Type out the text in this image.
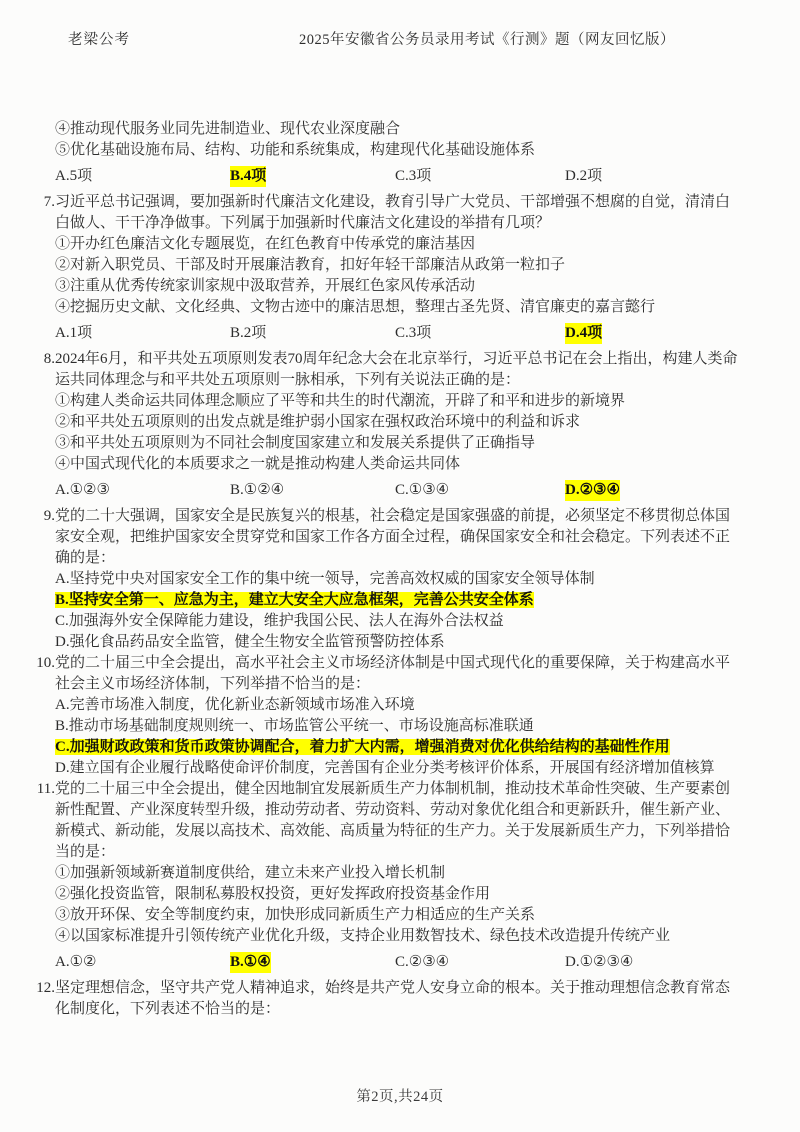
老梁公考	2025年安徽省公务员录用考试《行测》题（网友回忆版）

④推动现代服务业同先进制造业、现代农业深度融合

⑤优化基础设施布局、结构、功能和系统集成，构建现代化基础设施体系

A.5项	B.4项	C.3项	D.2项

7.习近平总书记强调，要加强新时代廉洁文化建设，教育引导广大党员、干部增强不想腐的自觉，清清白白做人、干干净净做事。下列属于加强新时代廉洁文化建设的举措有几项？

①开办红色廉洁文化专题展览，在红色教育中传承党的廉洁基因

②对新入职党员、干部及时开展廉洁教育，扣好年轻干部廉洁从政第一粒扣子

③注重从优秀传统家训家规中汲取营养，开展红色家风传承活动

④挖掘历史文献、文化经典、文物古迹中的廉洁思想，整理古圣先贤、清官廉吏的嘉言懿行

A.1项	B.2项	C.3项	D.4项

8.2024年6月，和平共处五项原则发表70周年纪念大会在北京举行，习近平总书记在会上指出，构建人类命运共同体理念与和平共处五项原则一脉相承，下列有关说法正确的是：

①构建人类命运共同体理念顺应了平等和共生的时代潮流，开辟了和平和进步的新境界

②和平共处五项原则的出发点就是维护弱小国家在强权政治环境中的利益和诉求

③和平共处五项原则为不同社会制度国家建立和发展关系提供了正确指导

④中国式现代化的本质要求之一就是推动构建人类命运共同体

A.①②③	B.①②④	C.①③④	D.②③④

9.党的二十大强调，国家安全是民族复兴的根基，社会稳定是国家强盛的前提，必须坚定不移贯彻总体国家安全观，把维护国家安全贯穿党和国家工作各方面全过程，确保国家安全和社会稳定。下列表述不正确的是：

A.坚持党中央对国家安全工作的集中统一领导，完善高效权威的国家安全领导体制

B.坚持安全第一、应急为主，建立大安全大应急框架，完善公共安全体系

C.加强海外安全保障能力建设，维护我国公民、法人在海外合法权益

D.强化食品药品安全监管，健全生物安全监管预警防控体系

10.党的二十届三中全会提出，高水平社会主义市场经济体制是中国式现代化的重要保障，关于构建高水平社会主义市场经济体制，下列举措不恰当的是：

A.完善市场准入制度，优化新业态新领域市场准入环境

B.推动市场基础制度规则统一、市场监管公平统一、市场设施高标准联通

C.加强财政政策和货币政策协调配合，着力扩大内需，增强消费对优化供给结构的基础性作用

D.建立国有企业履行战略使命评价制度，完善国有企业分类考核评价体系，开展国有经济增加值核算

11.党的二十届三中全会提出，健全因地制宜发展新质生产力体制机制，推动技术革命性突破、生产要素创新性配置、产业深度转型升级，推动劳动者、劳动资料、劳动对象优化组合和更新跃升，催生新产业、新模式、新动能，发展以高技术、高效能、高质量为特征的生产力。关于发展新质生产力，下列举措恰当的是：

①加强新领域新赛道制度供给，建立未来产业投入增长机制

②强化投资监管，限制私募股权投资，更好发挥政府投资基金作用

③放开环保、安全等制度约束，加快形成同新质生产力相适应的生产关系

④以国家标准提升引领传统产业优化升级，支持企业用数智技术、绿色技术改造提升传统产业

A.①②	B.①④	C.②③④	D.①②③④

12.坚定理想信念，坚守共产党人精神追求，始终是共产党人安身立命的根本。关于推动理想信念教育常态化制度化，下列表述不恰当的是：

第2页,共24页
